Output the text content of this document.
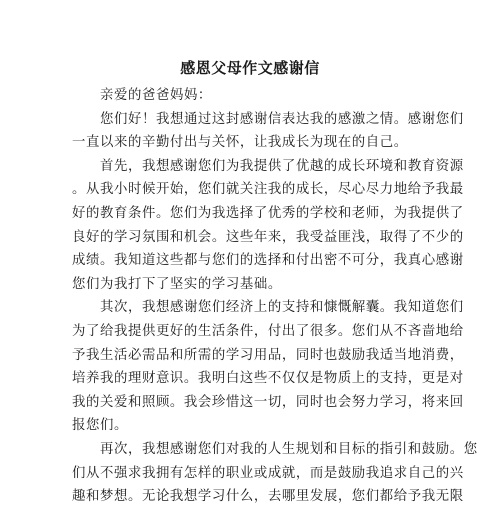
感恩父母作文感谢信
亲爱的爸爸妈妈：
您们好！我想通过这封感谢信表达我的感激之情。感谢您们
一直以来的辛勤付出与关怀，让我成长为现在的自己。
首先，我想感谢您们为我提供了优越的成长环境和教育资源
。从我小时候开始，您们就关注我的成长，尽心尽力地给予我最
好的教育条件。您们为我选择了优秀的学校和老师，为我提供了
良好的学习氛围和机会。这些年来，我受益匪浅，取得了不少的
成绩。我知道这些都与您们的选择和付出密不可分，我真心感谢
您们为我打下了坚实的学习基础。
其次，我想感谢您们经济上的支持和慷慨解囊。我知道您们
为了给我提供更好的生活条件，付出了很多。您们从不吝啬地给
予我生活必需品和所需的学习用品，同时也鼓励我适当地消费，
培养我的理财意识。我明白这些不仅仅是物质上的支持，更是对
我的关爱和照顾。我会珍惜这一切，同时也会努力学习，将来回
报您们。
再次，我想感谢您们对我的人生规划和目标的指引和鼓励。您
们从不强求我拥有怎样的职业或成就，而是鼓励我追求自己的兴
趣和梦想。无论我想学习什么，去哪里发展，您们都给予我无限
